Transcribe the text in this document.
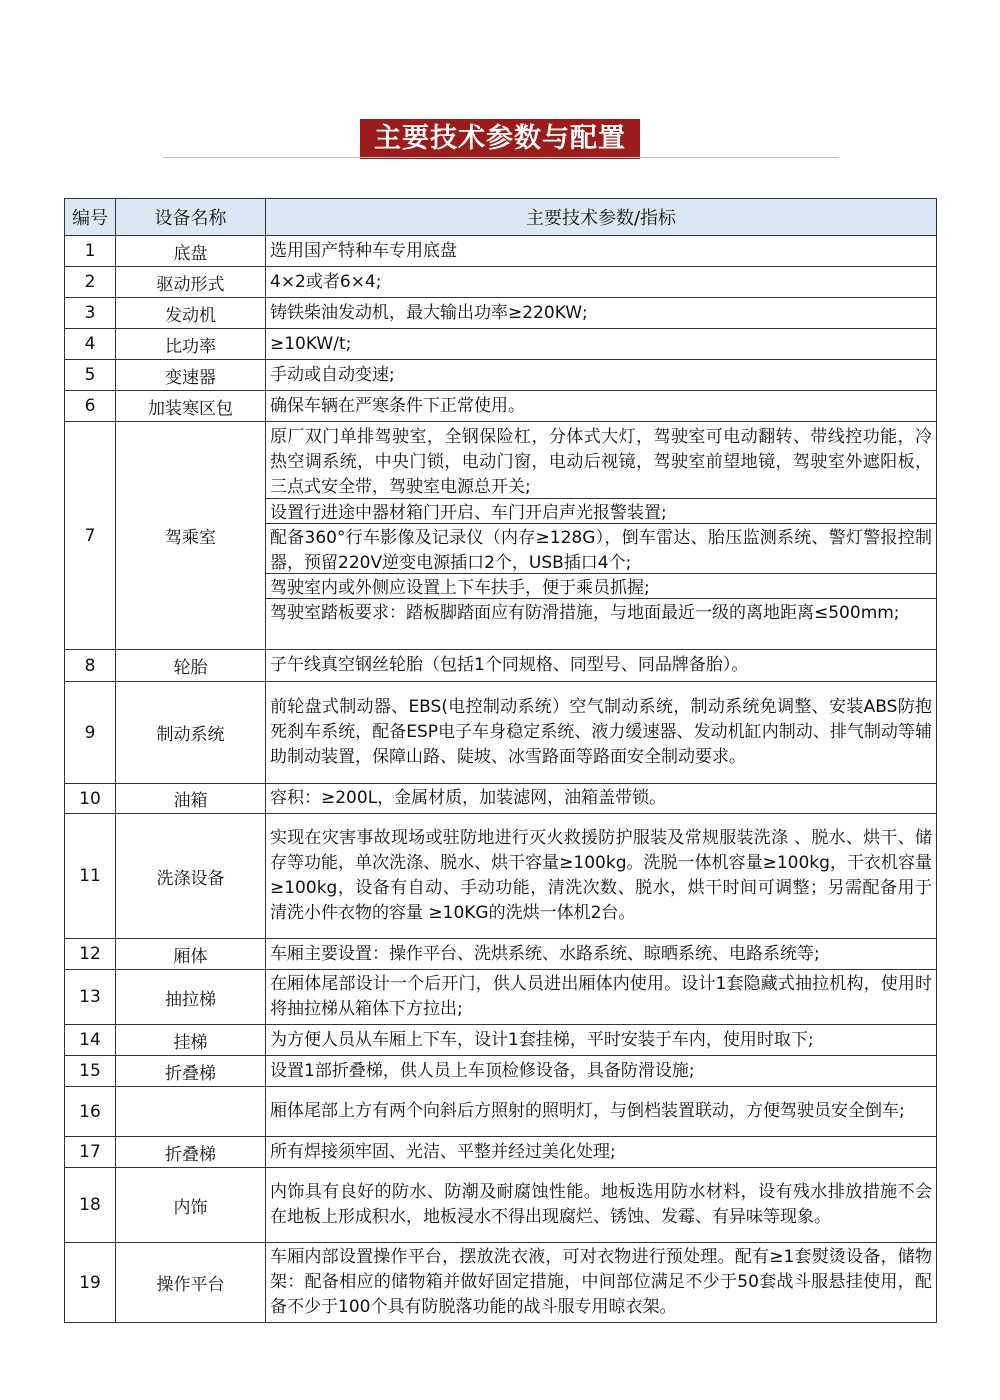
主要技术参数与配置
编号	设备名称	主要技术参数/指标
1	底盘	选用国产特种车专用底盘
2	驱动形式	4×2或者6×4;
3	发动机	铸铁柴油发动机，最大输出功率≥220KW;
4	比功率	≥10KW/t;
5	变速器	手动或自动变速;
6	加装寒区包	确保车辆在严寒条件下正常使用。
7	驾乘室	原厂双门单排驾驶室，全钢保险杠，分体式大灯，驾驶室可电动翻转、带线控功能，冷热空调系统，中央门锁，电动门窗，电动后视镜，驾驶室前望地镜，驾驶室外遮阳板，三点式安全带，驾驶室电源总开关;
设置行进途中器材箱门开启、车门开启声光报警装置;
配备360°行车影像及记录仪（内存≥128G），倒车雷达、胎压监测系统、警灯警报控制器，预留220V逆变电源插口2个，USB插口4个;
驾驶室内或外侧应设置上下车扶手，便于乘员抓握;
驾驶室踏板要求：踏板脚踏面应有防滑措施，与地面最近一级的离地距离≤500mm;

8	轮胎	子午线真空钢丝轮胎（包括1个同规格、同型号、同品牌备胎）。
9	制动系统	前轮盘式制动器、EBS(电控制动系统）空气制动系统，制动系统免调整、安装ABS防抱死刹车系统，配备ESP电子车身稳定系统、液力缓速器、发动机缸内制动、排气制动等辅助制动装置，保障山路、陡坡、冰雪路面等路面安全制动要求。
10	油箱	容积：≥200L，金属材质，加装滤网，油箱盖带锁。
11	洗涤设备	实现在灾害事故现场或驻防地进行灭火救援防护服装及常规服装洗涤 、脱水、烘干、储存等功能，单次洗涤、脱水、烘干容量≥100kg。洗脱一体机容量≥100kg，干衣机容量≥100kg，设备有自动、手动功能，清洗次数、脱水，烘干时间可调整；另需配备用于清洗小件衣物的容量 ≥10KG的洗烘一体机2台。
12	厢体	车厢主要设置：操作平台、洗烘系统、水路系统、晾晒系统、电路系统等;
13	抽拉梯	在厢体尾部设计一个后开门，供人员进出厢体内使用。设计1套隐藏式抽拉机构，使用时将抽拉梯从箱体下方拉出;
14	挂梯	为方便人员从车厢上下车，设计1套挂梯，平时安装于车内，使用时取下;
15	折叠梯	设置1部折叠梯，供人员上车顶检修设备，具备防滑设施;
16		厢体尾部上方有两个向斜后方照射的照明灯，与倒档装置联动，方便驾驶员安全倒车;
17	折叠梯	所有焊接须牢固、光洁、平整并经过美化处理;
18	内饰	内饰具有良好的防水、防潮及耐腐蚀性能。地板选用防水材料，设有残水排放措施不会在地板上形成积水，地板浸水不得出现腐烂、锈蚀、发霉、有异味等现象。
19	操作平台	车厢内部设置操作平台，摆放洗衣液，可对衣物进行预处理。配有≥1套熨烫设备，储物架：配备相应的储物箱并做好固定措施，中间部位满足不少于50套战斗服悬挂使用，配备不少于100个具有防脱落功能的战斗服专用晾衣架。
